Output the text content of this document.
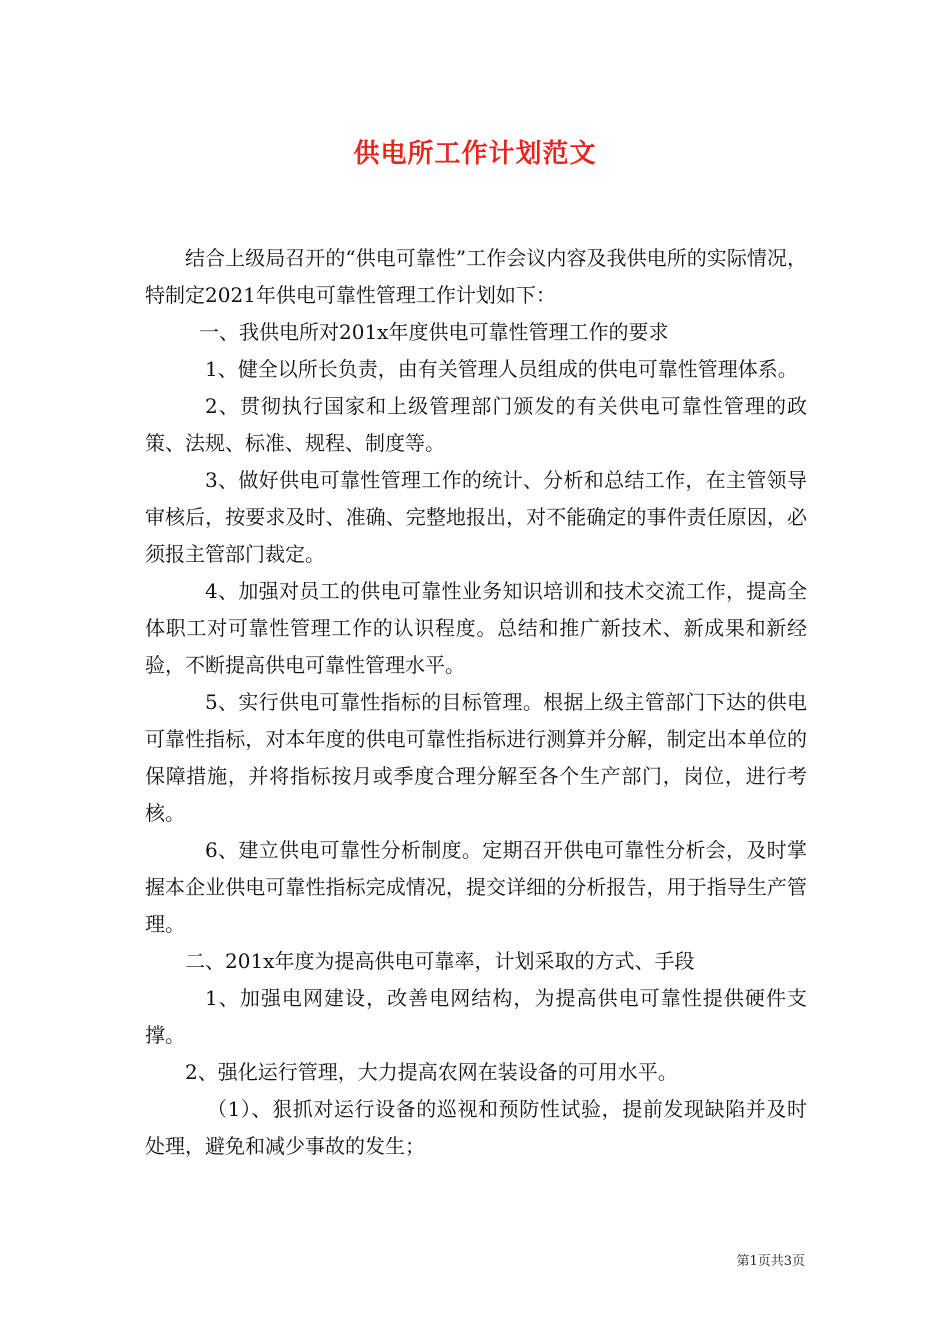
供电所工作计划范文

结合上级局召开的“供电可靠性”工作会议内容及我供电所的实际情况，特制定2021年供电可靠性管理工作计划如下：

一、我供电所对201x年度供电可靠性管理工作的要求

1、健全以所长负责，由有关管理人员组成的供电可靠性管理体系。

2、贯彻执行国家和上级管理部门颁发的有关供电可靠性管理的政策、法规、标准、规程、制度等。

3、做好供电可靠性管理工作的统计、分析和总结工作，在主管领导审核后，按要求及时、准确、完整地报出，对不能确定的事件责任原因，必须报主管部门裁定。

4、加强对员工的供电可靠性业务知识培训和技术交流工作，提高全体职工对可靠性管理工作的认识程度。总结和推广新技术、新成果和新经验，不断提高供电可靠性管理水平。

5、实行供电可靠性指标的目标管理。根据上级主管部门下达的供电可靠性指标，对本年度的供电可靠性指标进行测算并分解，制定出本单位的保障措施，并将指标按月或季度合理分解至各个生产部门，岗位，进行考核。

6、建立供电可靠性分析制度。定期召开供电可靠性分析会，及时掌握本企业供电可靠性指标完成情况，提交详细的分析报告，用于指导生产管理。

二、201x年度为提高供电可靠率，计划采取的方式、手段

1、加强电网建设，改善电网结构，为提高供电可靠性提供硬件支撑。

2、强化运行管理，大力提高农网在装设备的可用水平。

（1）、狠抓对运行设备的巡视和预防性试验，提前发现缺陷并及时处理，避免和减少事故的发生；

第1页共3页
